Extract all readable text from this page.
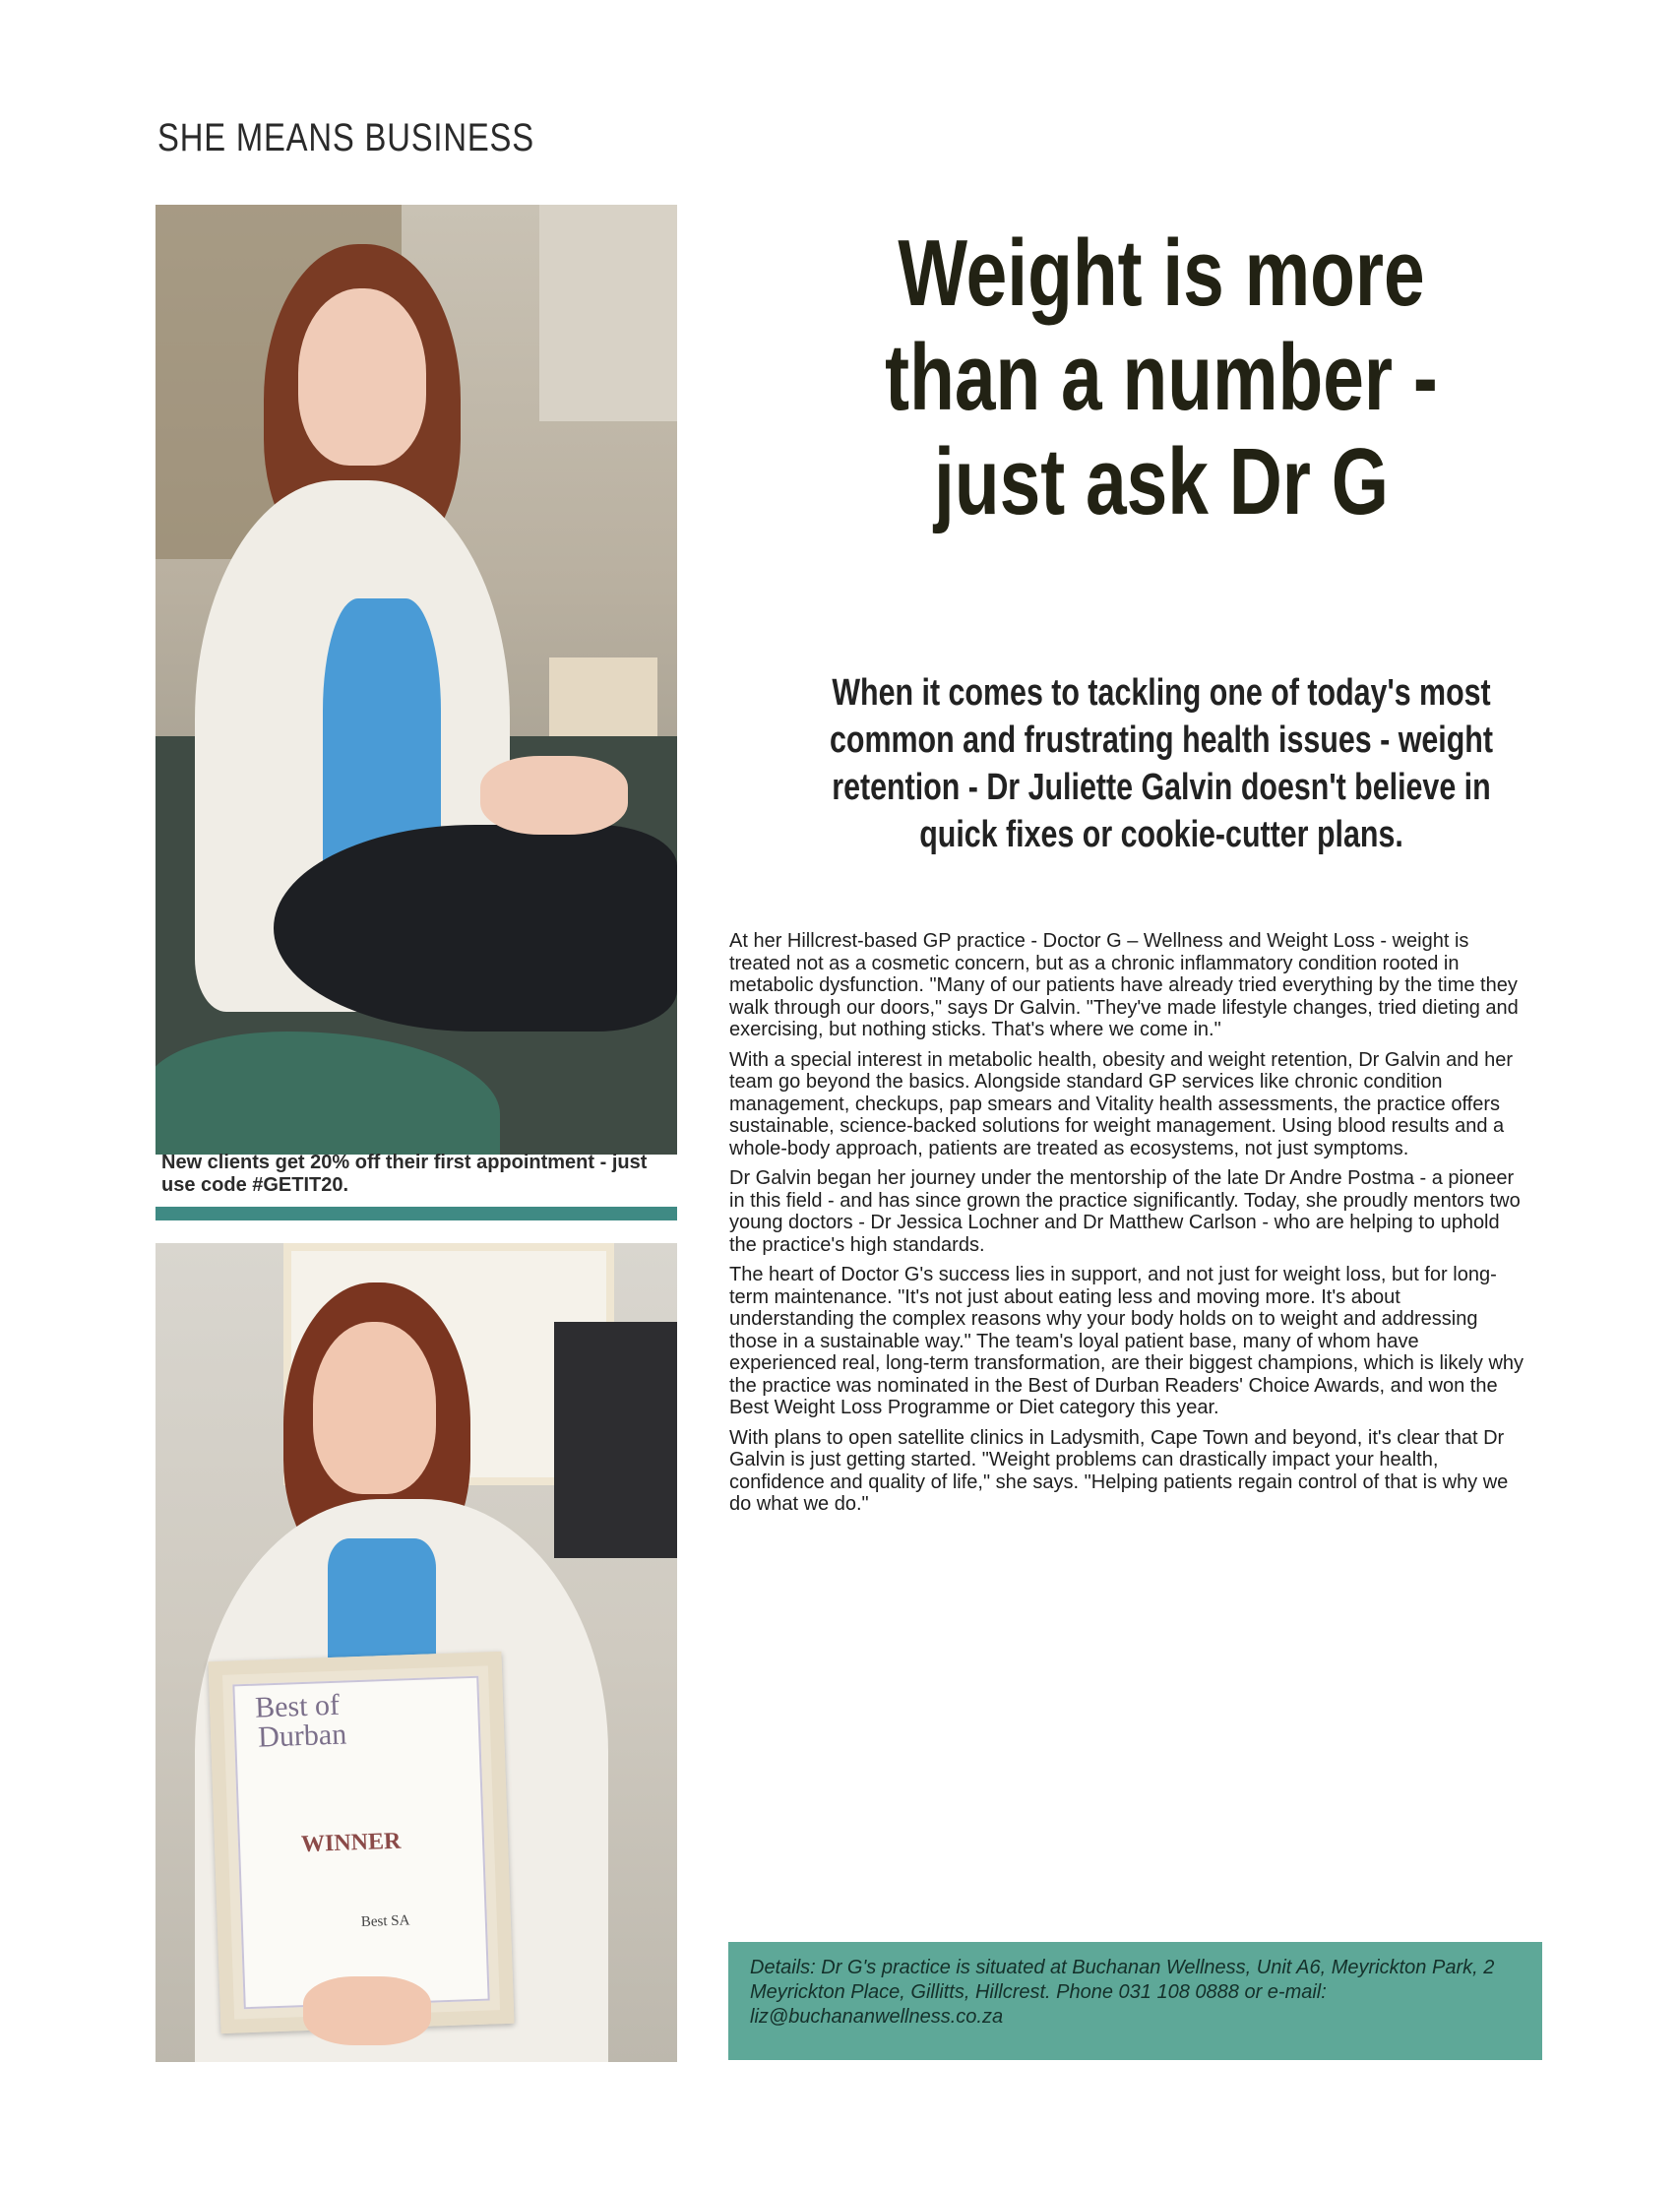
SHE MEANS BUSINESS
New clients get 20% off their first appointment - just use code #GETIT20.
Best of
Durban
WINNER
Best SA
Weight is more
than a number -
just ask Dr G
When it comes to tackling one of today's most common and frustrating health issues - weight retention - Dr Juliette Galvin doesn't believe in quick fixes or cookie-cutter plans.

At her Hillcrest-based GP practice - Doctor G – Wellness and Weight Loss - weight is treated not as a cosmetic concern, but as a chronic inflammatory condition rooted in metabolic dysfunction. "Many of our patients have already tried everything by the time they walk through our doors," says Dr Galvin. "They've made lifestyle changes, tried dieting and exercising, but nothing sticks. That's where we come in."

With a special interest in metabolic health, obesity and weight retention, Dr Galvin and her team go beyond the basics. Alongside standard GP services like chronic condition management, checkups, pap smears and Vitality health assessments, the practice offers sustainable, science-backed solutions for weight management. Using blood results and a whole-body approach, patients are treated as ecosystems, not just symptoms.

Dr Galvin began her journey under the mentorship of the late Dr Andre Postma - a pioneer in this field - and has since grown the practice significantly. Today, she proudly mentors two young doctors - Dr Jessica Lochner and Dr Matthew Carlson - who are helping to uphold the practice's high standards.

The heart of Doctor G's success lies in support, and not just for weight loss, but for long-term maintenance. "It's not just about eating less and moving more. It's about understanding the complex reasons why your body holds on to weight and addressing those in a sustainable way." The team's loyal patient base, many of whom have experienced real, long-term transformation, are their biggest champions, which is likely why the practice was nominated in the Best of Durban Readers' Choice Awards, and won the Best Weight Loss Programme or Diet category this year.

With plans to open satellite clinics in Ladysmith, Cape Town and beyond, it's clear that Dr Galvin is just getting started. "Weight problems can drastically impact your health, confidence and quality of life," she says. "Helping patients regain control of that is why we do what we do."

Details: Dr G's practice is situated at Buchanan Wellness, Unit A6, Meyrickton Park, 2 Meyrickton Place, Gillitts, Hillcrest. Phone 031 108 0888 or e-mail: liz@buchananwellness.co.za
